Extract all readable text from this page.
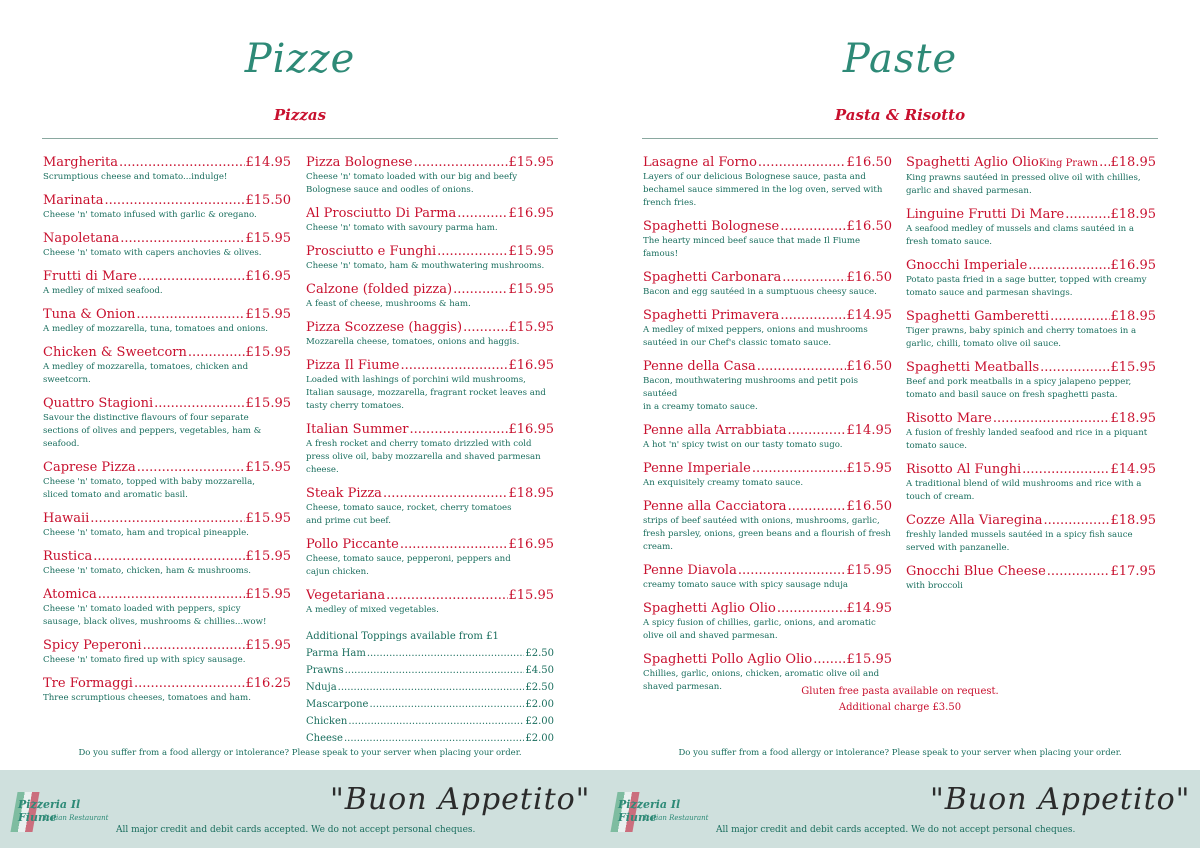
Pizze
Pizzas
Margherita .....	£14.95
Scrumptious cheese and tomato...indulge!
Marinata .....	£15.50
Cheese 'n' tomato infused with garlic & oregano.
Napoletana .....	£15.95
Cheese 'n' tomato with capers anchovies & olives.
Frutti di Mare .....	£16.95
A medley of mixed seafood.
Tuna & Onion .....	£15.95
A medley of mozzarella, tuna, tomatoes and onions.
Chicken & Sweetcorn .....	£15.95
A medley of mozzarella, tomatoes, chicken and sweetcorn.
Quattro Stagioni .....	£15.95
Savour the distinctive flavours of four separate
sections of olives and peppers, vegetables, ham & seafood.
Caprese Pizza .....	£15.95
Cheese 'n' tomato, topped with baby mozzarella,
sliced tomato and aromatic basil.
Hawaii .....	£15.95
Cheese 'n' tomato, ham and tropical pineapple.
Rustica .....	£15.95
Cheese 'n' tomato, chicken, ham & mushrooms.
Atomica .....	£15.95
Cheese 'n' tomato loaded with peppers, spicy
sausage, black olives, mushrooms & chillies...wow!
Spicy Peperoni .....	£15.95
Cheese 'n' tomato fired up with spicy sausage.
Tre Formaggi .....	£16.25
Three scrumptious cheeses, tomatoes and ham.
Pizza Bolognese .....	£15.95
Cheese 'n' tomato loaded with our big and beefy
Bolognese sauce and oodles of onions.
Al Prosciutto Di Parma .....	£16.95
Cheese 'n' tomato with savoury parma ham.
Prosciutto e Funghi .....	£15.95
Cheese 'n' tomato, ham & mouthwatering mushrooms.
Calzone (folded pizza) .....	£15.95
A feast of cheese, mushrooms & ham.
Pizza Scozzese (haggis) .....	£15.95
Mozzarella cheese, tomatoes, onions and haggis.
Pizza Il Fiume .....	£16.95
Loaded with lashings of porchini wild mushrooms,
Italian sausage, mozzarella, fragrant rocket leaves and
tasty cherry tomatoes.
Italian Summer .....	£16.95
A fresh rocket and cherry tomato drizzled with cold
press olive oil, baby mozzarella and shaved parmesan
cheese.
Steak Pizza .....	£18.95
Cheese, tomato sauce, rocket, cherry tomatoes
and prime cut beef.
Pollo Piccante .....	£16.95
Cheese, tomato sauce, pepperoni, peppers and
cajun chicken.
Vegetariana .....	£15.95
A medley of mixed vegetables.
Additional Toppings available from £1
Parma Ham .....	£2.50
Prawns .....	£4.50
Nduja .....	£2.50
Mascarpone .....	£2.00
Chicken .....	£2.00
Cheese .....	£2.00
Do you suffer from a food allergy or intolerance? Please speak to your server when placing your order.
Pizzeria Il Fiume
Italian Restaurant
"Buon Appetito"
All major credit and debit cards accepted. We do not accept personal cheques.
Paste
Pasta & Risotto
Lasagne al Forno .....	£16.50
Layers of our delicious Bolognese sauce, pasta and
bechamel sauce simmered in the log oven, served with
french fries.
Spaghetti Bolognese .....	£16.50
The hearty minced beef sauce that made Il Fiume famous!
Spaghetti Carbonara .....	£16.50
Bacon and egg sautéed in a sumptuous cheesy sauce.
Spaghetti Primavera .....	£14.95
A medley of mixed peppers, onions and mushrooms
sautéed in our Chef's classic tomato sauce.
Penne della Casa .....	£16.50
Bacon, mouthwatering mushrooms and petit pois sautéed
in a creamy tomato sauce.
Penne alla Arrabbiata .....	£14.95
A hot 'n' spicy twist on our tasty tomato sugo.
Penne Imperiale .....	£15.95
An exquisitely creamy tomato sauce.
Penne alla Cacciatora .....	£16.50
strips of beef sautéed with onions, mushrooms, garlic,
fresh parsley, onions, green beans and a flourish of fresh
cream.
Penne Diavola .....	£15.95
creamy tomato sauce with spicy sausage nduja
Spaghetti Aglio Olio .....	£14.95
A spicy fusion of chillies, garlic, onions, and aromatic
olive oil and shaved parmesan.
Spaghetti Pollo Aglio Olio .....	£15.95
Chillies, garlic, onions, chicken, aromatic olive oil and
shaved parmesan.
Spaghetti Aglio Olio King Prawn ..... £18.95
King prawns sautéed in pressed olive oil with chillies,
garlic and shaved parmesan.
Linguine Frutti Di Mare .....	£18.95
A seafood medley of mussels and clams sautéed in a
fresh tomato sauce.
Gnocchi Imperiale .....	£16.95
Potato pasta fried in a sage butter, topped with creamy
tomato sauce and parmesan shavings.
Spaghetti Gamberetti .....	£18.95
Tiger prawns, baby spinich and cherry tomatoes in a
garlic, chilli, tomato olive oil sauce.
Spaghetti Meatballs .....	£15.95
Beef and pork meatballs in a spicy jalapeno pepper,
tomato and basil sauce on fresh spaghetti pasta.
Risotto Mare .....	£18.95
A fusion of freshly landed seafood and rice in a piquant
tomato sauce.
Risotto Al Funghi .....	£14.95
A traditional blend of wild mushrooms and rice with a
touch of cream.
Cozze Alla Viaregina .....	£18.95
freshly landed mussels sautéed in a spicy fish sauce
served with panzanelle.
Gnocchi Blue Cheese .....	£17.95
with broccoli
Gluten free pasta available on request.
Additional charge £3.50
Do you suffer from a food allergy or intolerance? Please speak to your server when placing your order.
Pizzeria Il Fiume
Italian Restaurant
"Buon Appetito"
All major credit and debit cards accepted. We do not accept personal cheques.
